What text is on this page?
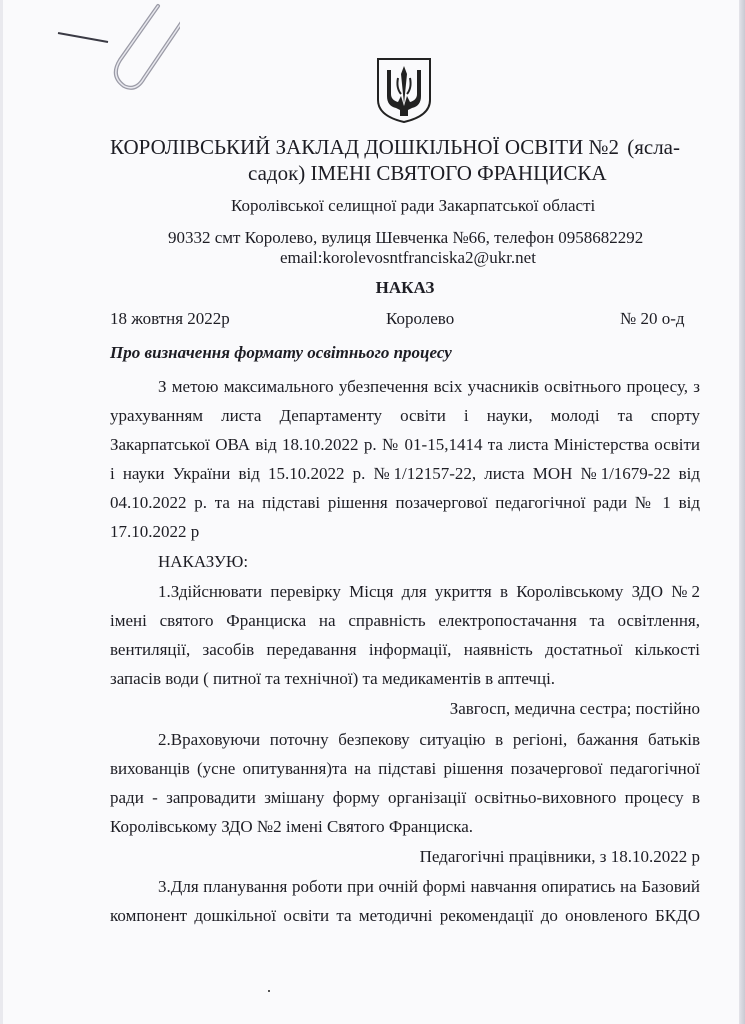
КОРОЛІВСЬКИЙ ЗАКЛАД ДОШКІЛЬНОЇ ОСВІТИ №2 (ясла-
садок) ІМЕНІ СВЯТОГО ФРАНЦИСКА
Королівської селищної ради Закарпатської області
90332 смт Королево, вулиця Шевченка №66, телефон 0958682292
email:korolevosntfranciska2@ukr.net
НАКАЗ
18 жовтня 2022р	Королево	№ 20 о-д
Про визначення формату освітнього процесу
З метою максимального убезпечення всіх учасників освітнього процесу, з
урахуванням листа Департаменту освіти і науки, молоді та спорту
Закарпатської ОВА від 18.10.2022 р. № 01-15,1414 та листа Міністерства освіти
і науки України від 15.10.2022 р. №1/12157-22, листа МОН №1/1679-22 від
04.10.2022 р. та на підставі рішення позачергової педагогічної ради № 1 від
17.10.2022 р
НАКАЗУЮ:
1.Здійснювати перевірку Місця для укриття в Королівському ЗДО №2
імені святого Франциска на справність електропостачання та освітлення,
вентиляції, засобів передавання інформації, наявність достатньої кількості
запасів води ( питної та технічної) та медикаментів в аптечці.
Завгосп, медична сестра; постійно
2.Враховуючи поточну безпекову ситуацію в регіоні, бажання батьків
вихованців (усне опитування)та на підставі рішення позачергової педагогічної
ради - запровадити змішану форму організації освітньо-виховного процесу в
Королівському ЗДО №2 імені Святого Франциска.
Педагогічні працівники, з 18.10.2022 р
3.Для планування роботи при очній формі навчання опиратись на Базовий
компонент дошкільної освіти та методичні рекомендації до оновленого БКДО
